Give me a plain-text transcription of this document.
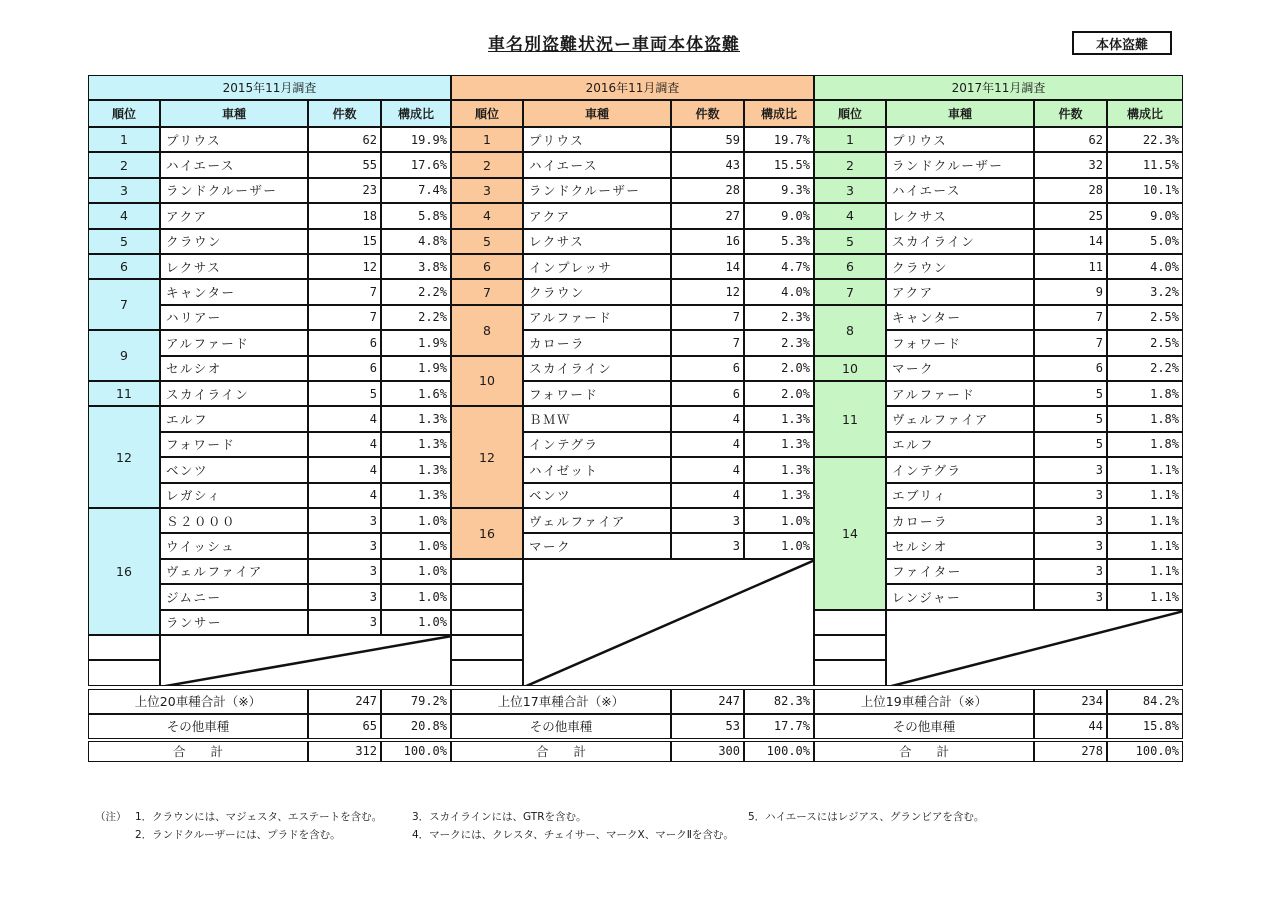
車名別盗難状況ー車両本体盗難	本体盗難
2015年11月調査
順位	車種	件数	構成比
1	プリウス	62	19.9%
2	ハイエース	55	17.6%
3	ランドクルーザー	23	7.4%
4	アクア	18	5.8%
5	クラウン	15	4.8%
6	レクサス	12	3.8%
7
キャンター	7	2.2%
ハリアー	7	2.2%
9
アルファード	6	1.9%
セルシオ	6	1.9%
11	スカイライン	5	1.6%
12
エルフ	4	1.3%
フォワード	4	1.3%
ベンツ	4	1.3%
レガシィ	4	1.3%
16
Ｓ２０００	3	1.0%
ウイッシュ	3	1.0%
ヴェルファイア	3	1.0%
ジムニー	3	1.0%
ランサー	3	1.0%
上位20車種合計（※）	247	79.2%
その他車種	65	20.8%
合　　計	312	100.0%
2016年11月調査
順位	車種	件数	構成比
1	プリウス	59	19.7%
2	ハイエース	43	15.5%
3	ランドクルーザー	28	9.3%
4	アクア	27	9.0%
5	レクサス	16	5.3%
6	インプレッサ	14	4.7%
7	クラウン	12	4.0%
8
アルファード	7	2.3%
カローラ	7	2.3%
10
スカイライン	6	2.0%
フォワード	6	2.0%
12
ＢＭＷ	4	1.3%
インテグラ	4	1.3%
ハイゼット	4	1.3%
ベンツ	4	1.3%
16
ヴェルファイア	3	1.0%
マーク	3	1.0%
上位17車種合計（※）	247	82.3%
その他車種	53	17.7%
合　　計	300	100.0%
2017年11月調査
順位	車種	件数	構成比
1	プリウス	62	22.3%
2	ランドクルーザー	32	11.5%
3	ハイエース	28	10.1%
4	レクサス	25	9.0%
5	スカイライン	14	5.0%
6	クラウン	11	4.0%
7	アクア	9	3.2%
8
キャンター	7	2.5%
フォワード	7	2.5%
10	マーク	6	2.2%
11
アルファード	5	1.8%
ヴェルファイア	5	1.8%
エルフ	5	1.8%
14
インテグラ	3	1.1%
エブリィ	3	1.1%
カローラ	3	1.1%
セルシオ	3	1.1%
ファイター	3	1.1%
レンジャー	3	1.1%
上位19車種合計（※）	234	84.2%
その他車種	44	15.8%
合　　計	278	100.0%
（注） 1．クラウンには、マジェスタ、エステートを含む。
2．ランドクルーザーには、プラドを含む。
3．スカイラインには、GTRを含む。
4．マークには、クレスタ、チェイサー、マークX、マークⅡを含む。
5．ハイエースにはレジアス、グランビアを含む。
